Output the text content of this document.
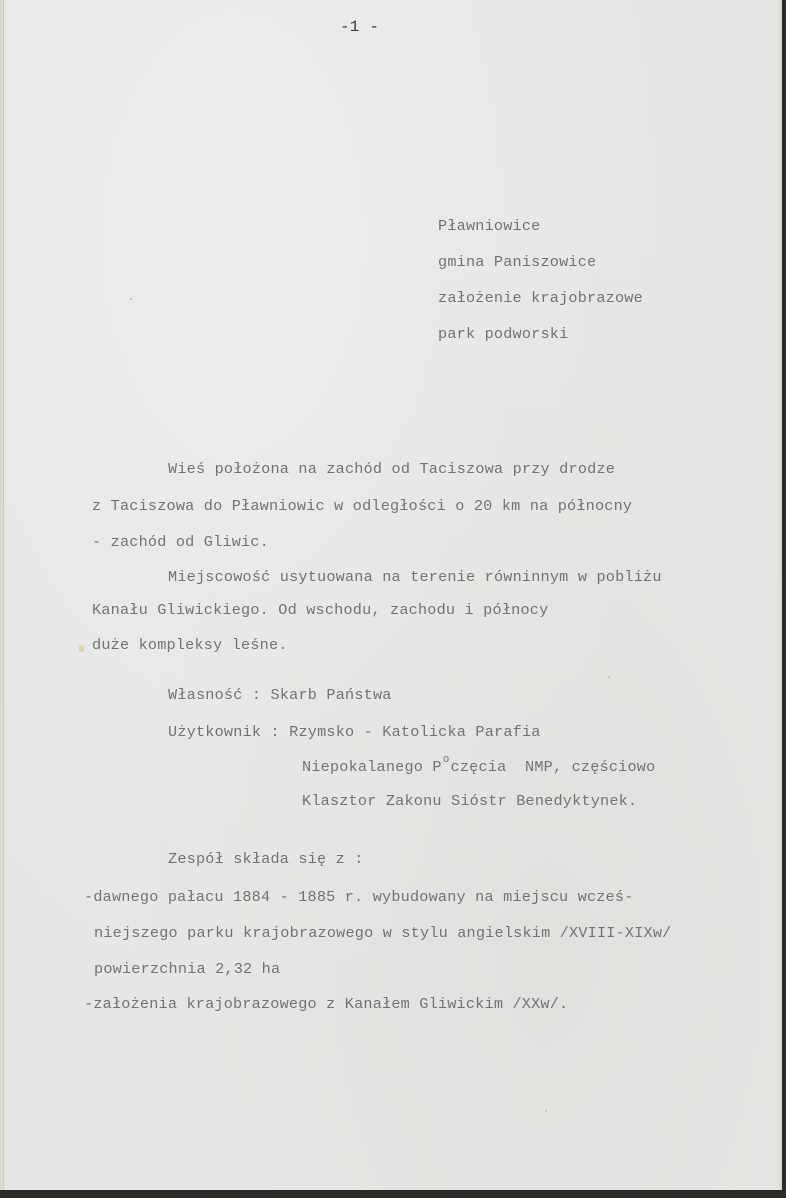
-1 -
Pławniowice
gmina Paniszowice
założenie krajobrazowe
park podworski
Wieś położona na zachód od Taciszowa przy drodze
z Taciszowa do Pławniowic w odległości o 20 km na północny
- zachód od Gliwic.
Miejscowość usytuowana na terenie równinnym w pobliżu
Kanału Gliwickiego. Od wschodu, zachodu i północy
duże kompleksy leśne.
Własność : Skarb Państwa
Użytkownik : Rzymsko - Katolicka Parafia
Niepokalanego $P^oczęcia$  NMP, częściowo
Klasztor Zakonu Sióstr Benedyktynek.
Zespół składa się z :
-dawnego pałacu 1884 - 1885 r. wybudowany na miejscu wcześ-
niejszego parku krajobrazowego w stylu angielskim /XVIII-XIXw/
powierzchnia 2,32 ha
-założenia krajobrazowego z Kanałem Gliwickim /XXw/.
